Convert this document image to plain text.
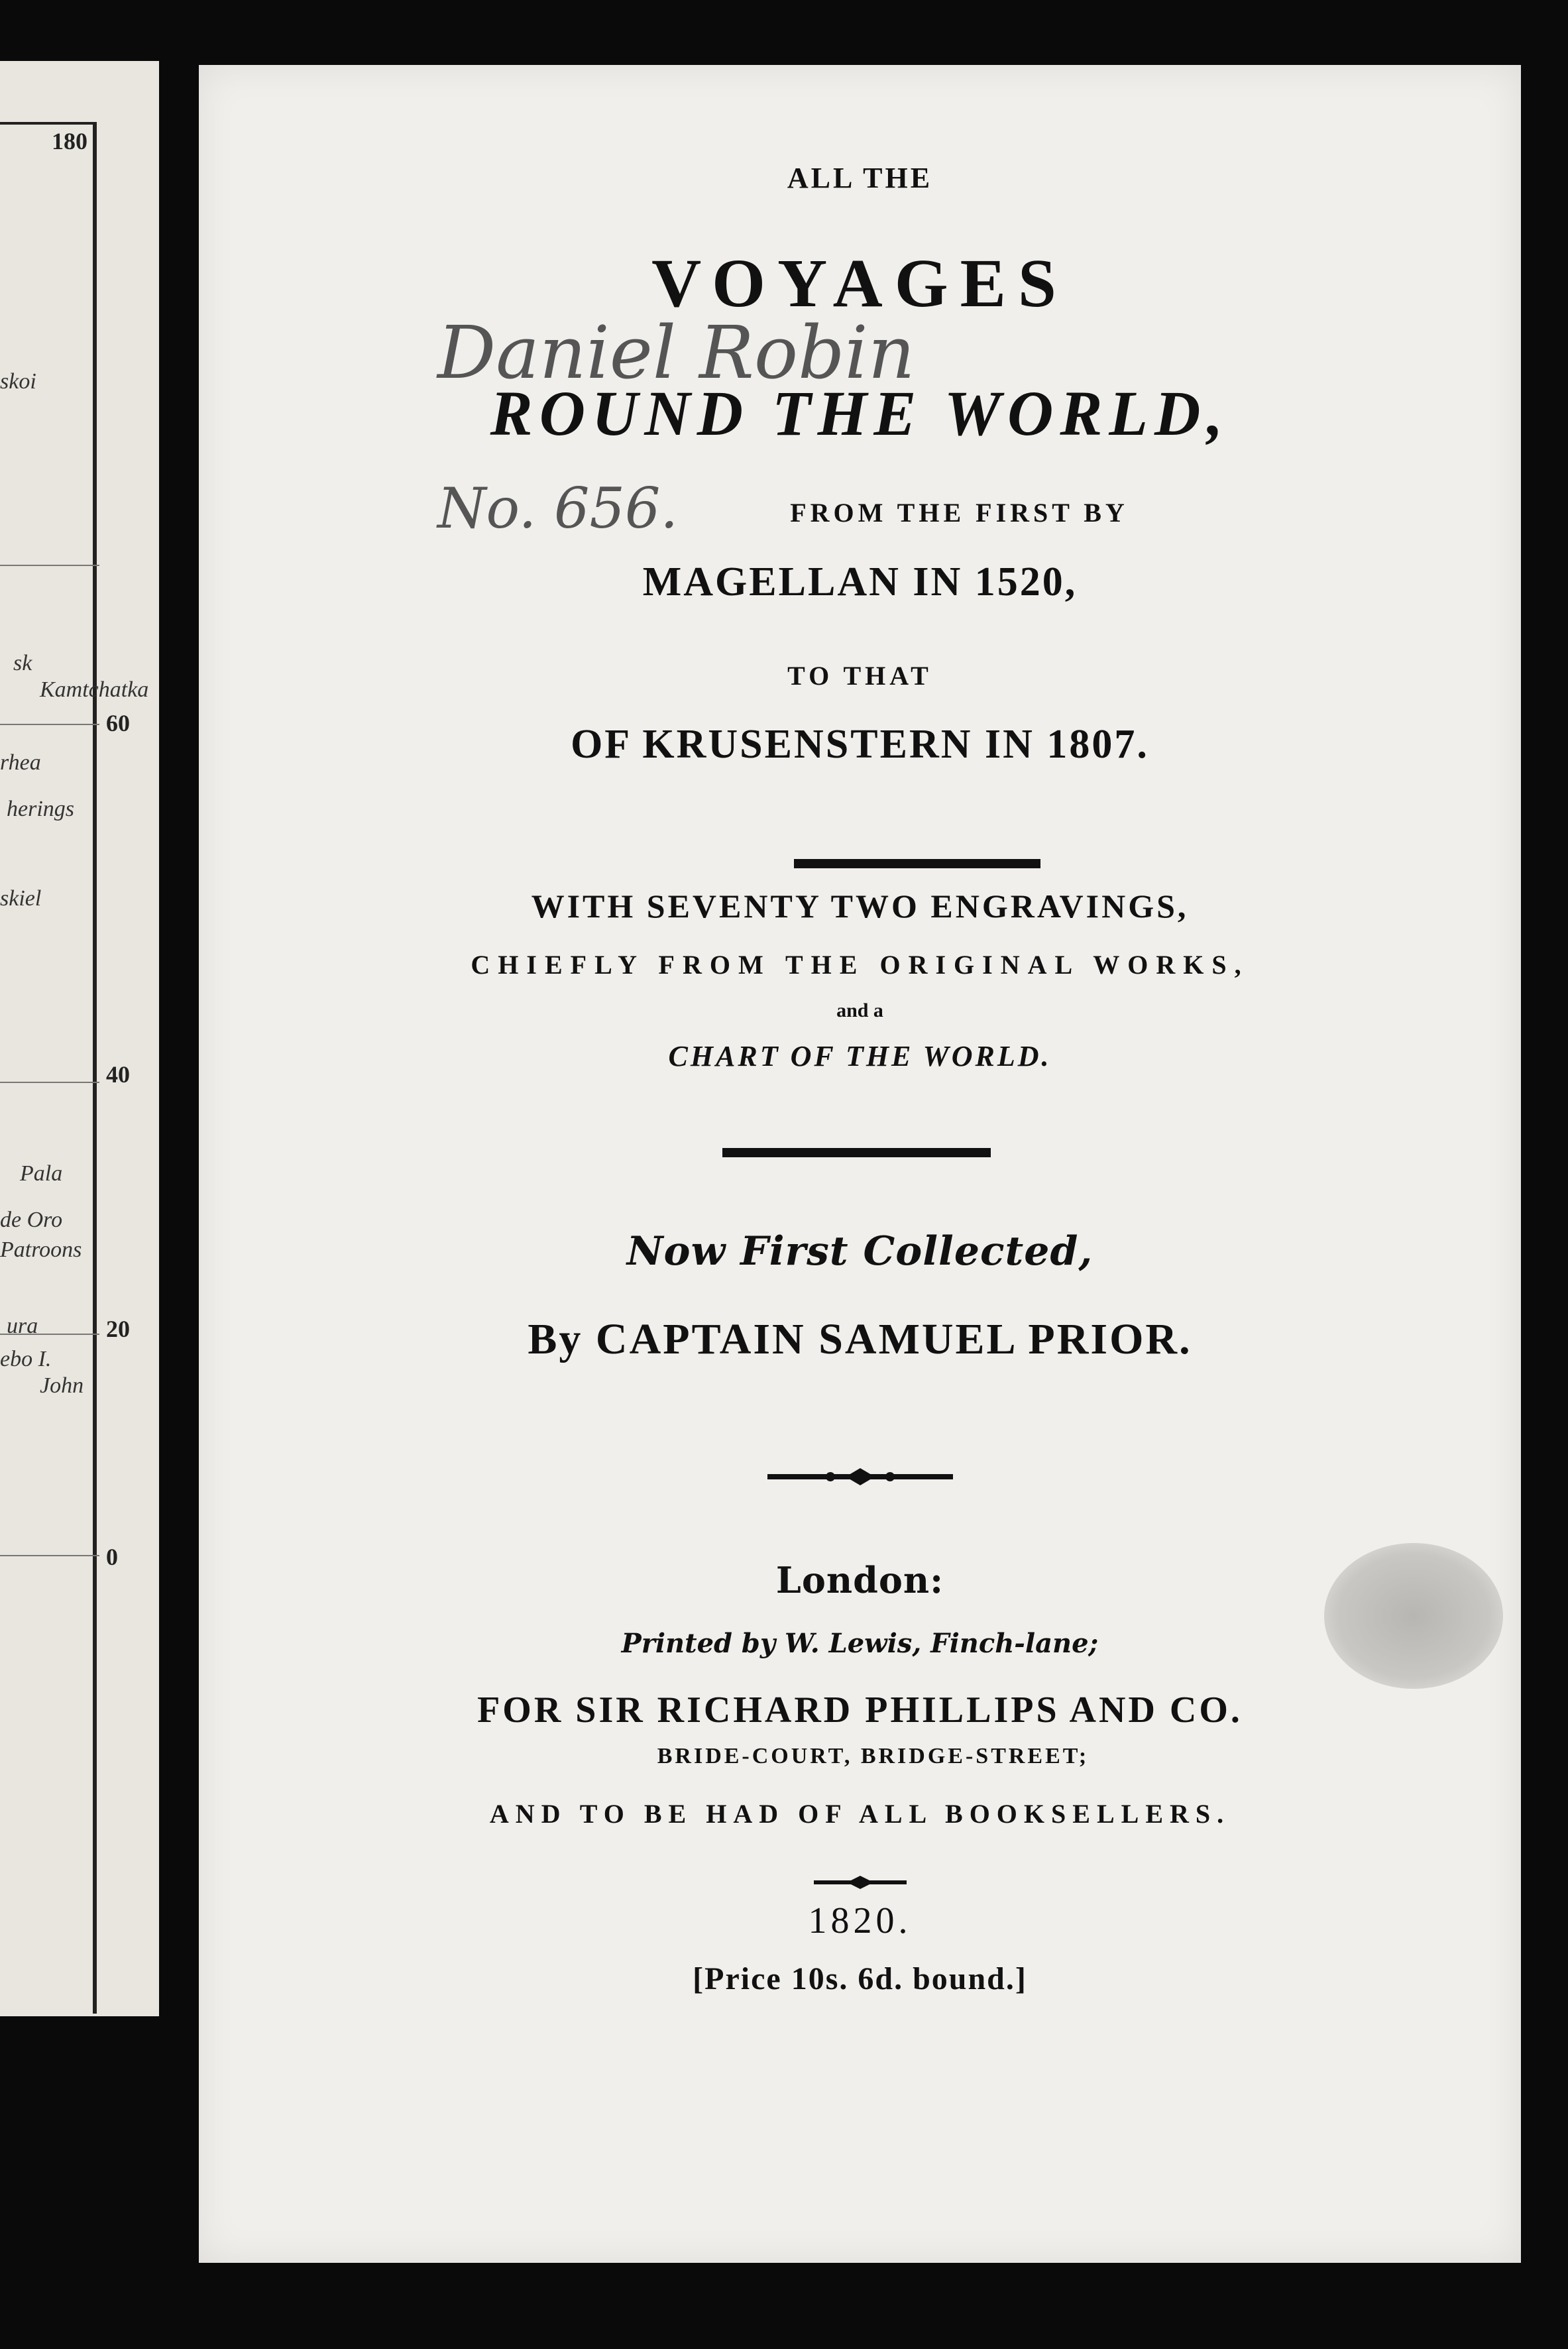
180
60
40
20
0
skoi
sk
Kamtchatka
rhea
herings
skiel
Pala
de Oro
Patroons
ura
ebo I.
John
ALL THE
VOYAGES
Daniel Robin
ROUND THE WORLD,
No. 656.	FROM THE FIRST BY
MAGELLAN IN 1520,
TO THAT
OF KRUSENSTERN IN 1807.
WITH SEVENTY TWO ENGRAVINGS,
CHIEFLY FROM THE ORIGINAL WORKS,
and a
CHART OF THE WORLD.
Now First Collected,
By CAPTAIN SAMUEL PRIOR.
London:
Printed by W. Lewis, Finch-lane;
FOR SIR RICHARD PHILLIPS AND CO.
BRIDE-COURT, BRIDGE-STREET;
AND TO BE HAD OF ALL BOOKSELLERS.
1820.
[Price 10s. 6d. bound.]
